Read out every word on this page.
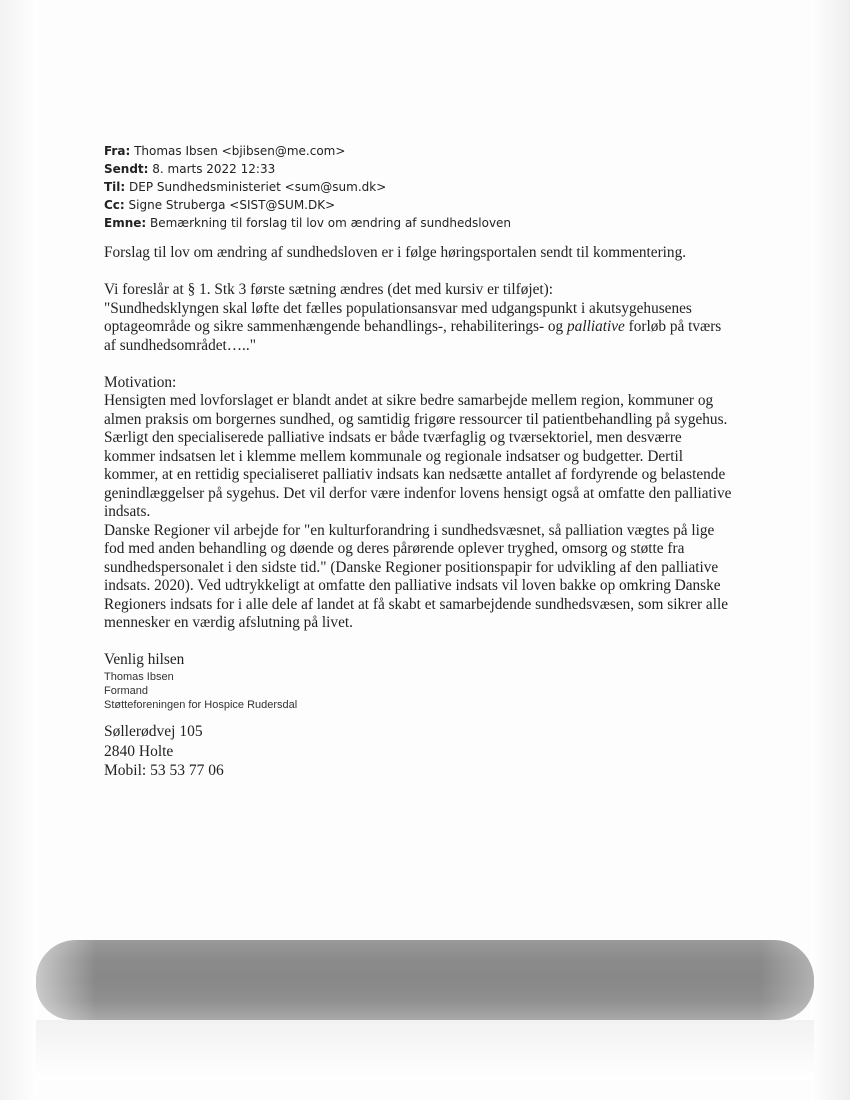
Fra: Thomas Ibsen <bjibsen@me.com>
Sendt: 8. marts 2022 12:33
Til: DEP Sundhedsministeriet <sum@sum.dk>
Cc: Signe Struberga <SIST@SUM.DK>
Emne: Bemærkning til forslag til lov om ændring af sundhedsloven

Forslag til lov om ændring af sundhedsloven er i følge høringsportalen sendt til kommentering.

Vi foreslår at § 1. Stk 3 første sætning ændres (det med kursiv er tilføjet):

"Sundhedsklyngen skal løfte det fælles populationsansvar med udgangspunkt i akutsygehusenes optageområde og sikre sammenhængende behandlings-, rehabiliterings- og palliative forløb på tværs af sundhedsområdet….."

Motivation:

Hensigten med lovforslaget er blandt andet at sikre bedre samarbejde mellem region, kommuner og almen praksis om borgernes sundhed, og samtidig frigøre ressourcer til patientbehandling på sygehus. Særligt den specialiserede palliative indsats er både tværfaglig og tværsektoriel, men desværre kommer indsatsen let i klemme mellem kommunale og regionale indsatser og budgetter. Dertil kommer, at en rettidig specialiseret palliativ indsats kan nedsætte antallet af fordyrende og belastende genindlæggelser på sygehus. Det vil derfor være indenfor lovens hensigt også at omfatte den palliative indsats.

Danske Regioner vil arbejde for "en kulturforandring i sundhedsvæsnet, så palliation vægtes på lige fod med anden behandling og døende og deres pårørende oplever tryghed, omsorg og støtte fra sundhedspersonalet i den sidste tid." (Danske Regioner positionspapir for udvikling af den palliative indsats. 2020). Ved udtrykkeligt at omfatte den palliative indsats vil loven bakke op omkring Danske Regioners indsats for i alle dele af landet at få skabt et samarbejdende sundhedsvæsen, som sikrer alle mennesker en værdig afslutning på livet.

Venlig hilsen

Thomas Ibsen
Formand
Støtteforeningen for Hospice Rudersdal
Søllerødvej 105
2840 Holte
Mobil: 53 53 77 06
